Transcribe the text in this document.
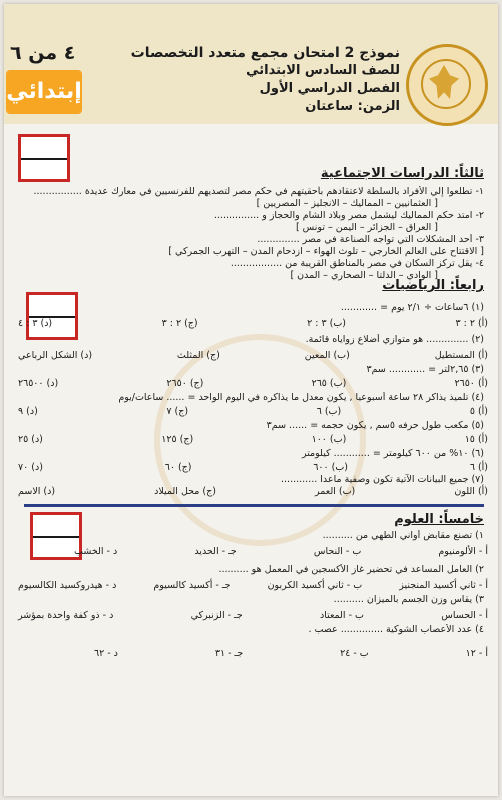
٤ من ٦
إبتدائي
نموذج 2 امتحان مجمع متعدد التخصصات
للصف السادس الابتدائي
الفصل الدراسي الأول
الزمن: ساعتان
ثالثاً: الدراسات الاجتماعية
١- تطلعوا إلي الأفراد بالسلطة لاعتقادهم بأحقيتهم في حكم مصر لتصديهم للفرنسيين في معارك عديدة ................
[ العثمانيين – المماليك – الانجليز – المصريين ]
٢- امتد حكم المماليك ليشمل مصر وبلاد الشام والحجاز و ...............
[ العراق – الجزائر – اليمن – تونس ]
٣- أحد المشكلات التي تواجه الصناعة في مصر ..............
[ الاقتتاح على العالم الخارجي – تلوث الهواء – ازدحام المدن – التهرب الجمركي ]
٤- يقل تركز السكان في مصر بالمناطق القريبة من .................
[ الوادي – الدلتا – الصحاري – المدن ]
رابعاً: الرياضيات
(١) ٦ساعات ÷ ٢/١ يوم = ............
(أ) ٢ : ٣
(ب) ٣ : ٢
(ج) ٢ : ٣
(د) ٣ : ٤
(٢) .............. هو متوازي أضلاع زواياه قائمة.
(أ) المستطيل
(ب) المعين
(ج) المثلث
(د) الشكل الرباعي
(٣) ٢,٦٥لتر = ............ سم٣
(أ) ٢٦٥٠
(ب) ٢٦٥
(ج) ٢٦٥٠
(د) ٢٦٥٠٠
(٤) تلميذ يذاكر ٢٨ ساعة أسبوعيا , يكون معدل ما يذاكره في اليوم الواحد = ...... ساعات/يوم
(أ) ٥
(ب) ٦
(ج) ٧
(د) ٩
(٥) مكعب طول حرفه ٥سم , يكون حجمه = ...... سم٣
(أ) ١٥
(ب) ١٠٠
(ج) ١٢٥
(د) ٢٥
(٦) ١٠% من ٦٠٠ كيلومتر = ............ كيلومتر
(أ) ٦
(ب) ٦٠٠
(ج) ٦٠
(د) ٧٠
(٧) جميع البيانات الآتية تكون وصفية ماعدا ............
(أ) اللون
(ب) العمر
(ج) محل الميلاد
(د) الاسم
خامساً: العلوم
١) تصنع مقابض أواني الطهي من ..........
أ - الألومنيوم
ب - النحاس
جـ - الحديد
د - الخشب
٢) العامل المساعد في تحضير غاز الأكسجين في المعمل هو ..........
أ - ثاني أكسيد المنجنيز
ب - ثاني أكسيد الكربون
جـ - أكسيد كالسيوم
د - هيدروكسيد الكالسيوم
٣) يقاس وزن الجسم بالميزان ..........
أ - الحساس
ب - المعتاد
جـ - الزنبركي
د - ذو كفة واحدة بمؤشر
٤) عدد الأعصاب الشوكية .............. عصب .
أ - ١٢
ب - ٢٤
جـ - ٣١
د - ٦٢
